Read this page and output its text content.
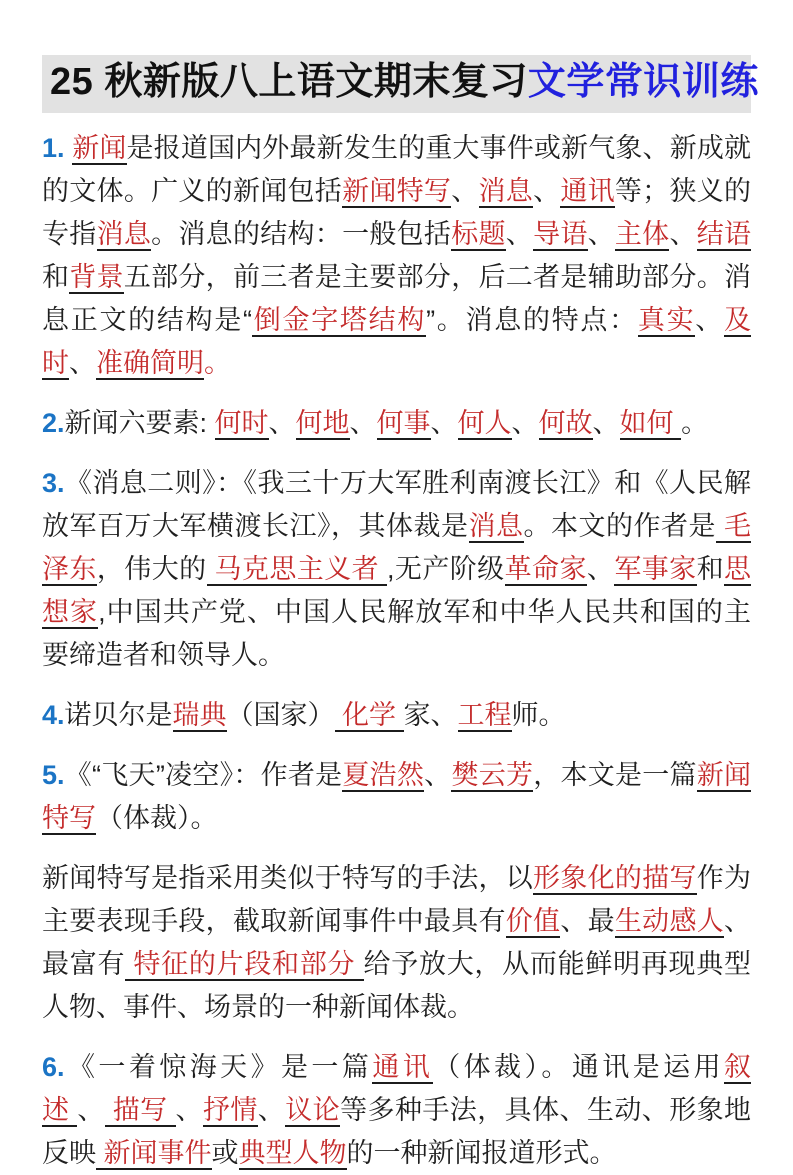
25 秋新版八上语文期末复习文学常识训练

1. 新闻是报道国内外最新发生的重大事件或新气象、新成就的文体。广义的新闻包括新闻特写、消息、通讯等；狭义的专指消息。消息的结构：一般包括标题、导语、主体、结语和背景五部分，前三者是主要部分，后二者是辅助部分。消息正文的结构是“倒金字塔结构”。消息的特点：真实、及时、准确简明。

2.新闻六要素: 何时、何地、何事、何人、何故、如何 。

3.《消息二则》：《我三十万大军胜利南渡长江》和《人民解放军百万大军横渡长江》，其体裁是消息。本文的作者是 毛泽东，伟大的 马克思主义者 ,无产阶级革命家、军事家和思想家,中国共产党、中国人民解放军和中华人民共和国的主要缔造者和领导人。

4.诺贝尔是瑞典（国家） 化学 家、工程师。

5.《“飞天”凌空》：作者是夏浩然、樊云芳，本文是一篇新闻特写（体裁）。

新闻特写是指采用类似于特写的手法，以形象化的描写作为主要表现手段，截取新闻事件中最具有价值、最生动感人、最富有 特征的片段和部分 给予放大，从而能鲜明再现典型人物、事件、场景的一种新闻体裁。

6.《一着惊海天》是一篇通讯（体裁）。通讯是运用叙述 、 描写 、抒情、议论等多种手法，具体、生动、形象地反映 新闻事件或典型人物的一种新闻报道形式。
